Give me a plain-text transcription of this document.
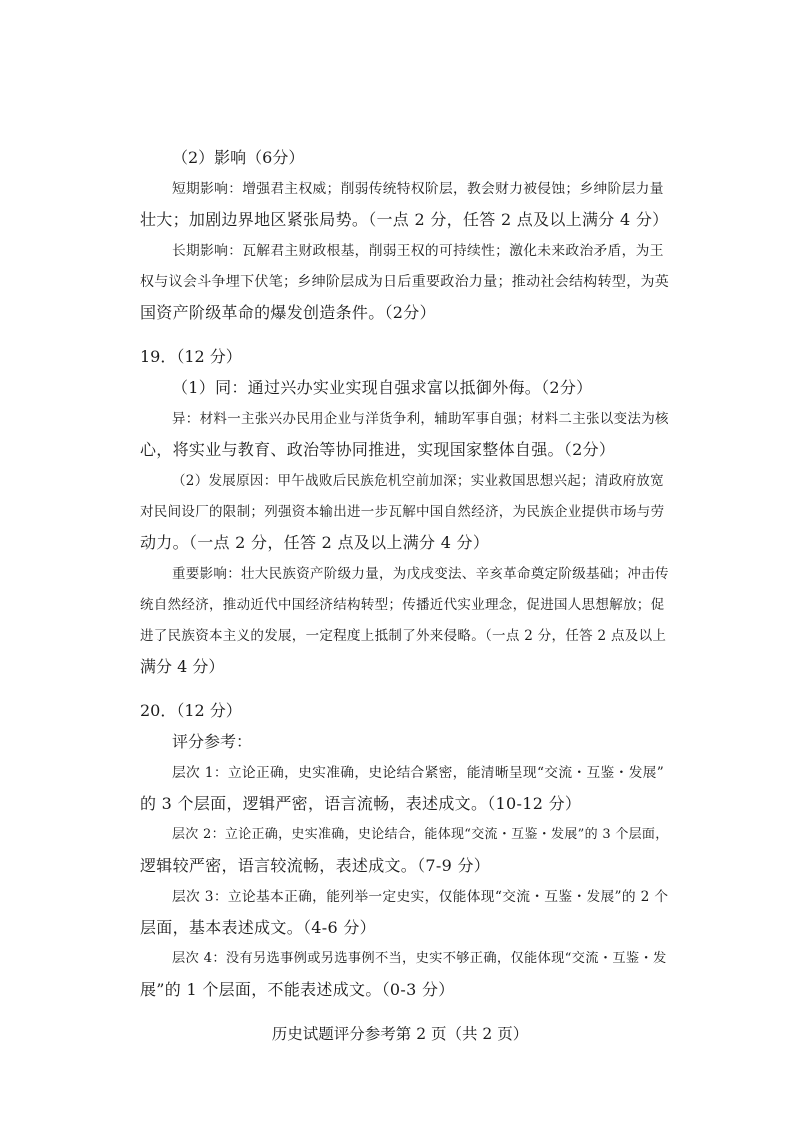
（2）影响（6分）
短期影响：增强君主权威；削弱传统特权阶层，教会财力被侵蚀；乡绅阶层力量
壮大；加剧边界地区紧张局势。（一点 2 分，任答 2 点及以上满分 4 分）
长期影响：瓦解君主财政根基，削弱王权的可持续性；激化未来政治矛盾，为王
权与议会斗争埋下伏笔；乡绅阶层成为日后重要政治力量；推动社会结构转型，为英
国资产阶级革命的爆发创造条件。（2分）
19．（12 分）
（1）同：通过兴办实业实现自强求富以抵御外侮。（2分）
异：材料一主张兴办民用企业与洋货争利，辅助军事自强；材料二主张以变法为核
心，将实业与教育、政治等协同推进，实现国家整体自强。（2分）
（2）发展原因：甲午战败后民族危机空前加深；实业救国思想兴起；清政府放宽
对民间设厂的限制；列强资本输出进一步瓦解中国自然经济，为民族企业提供市场与劳
动力。（一点 2 分，任答 2 点及以上满分 4 分）
重要影响：壮大民族资产阶级力量，为戊戌变法、辛亥革命奠定阶级基础；冲击传
统自然经济，推动近代中国经济结构转型；传播近代实业理念，促进国人思想解放；促
进了民族资本主义的发展，一定程度上抵制了外来侵略。（一点 2 分，任答 2 点及以上
满分 4 分）
20．（12 分）
评分参考：
层次 1：立论正确，史实准确，史论结合紧密，能清晰呈现“交流・互鉴・发展”
的 3 个层面，逻辑严密，语言流畅，表述成文。（10-12 分）
层次 2：立论正确，史实准确，史论结合，能体现“交流・互鉴・发展”的 3 个层面，
逻辑较严密，语言较流畅，表述成文。（7-9 分）
层次 3：立论基本正确，能列举一定史实，仅能体现“交流・互鉴・发展”的 2 个
层面，基本表述成文。（4-6 分）
层次 4：没有另选事例或另选事例不当，史实不够正确，仅能体现“交流・互鉴・发
展”的 1 个层面，不能表述成文。（0-3 分）
历史试题评分参考第 2 页（共 2 页）
